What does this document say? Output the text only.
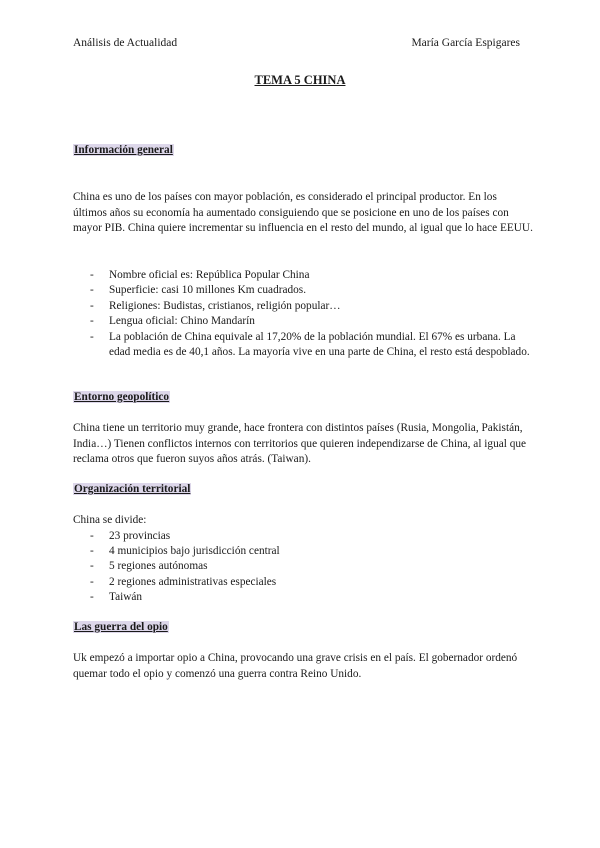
Análisis de Actualidad	María García Espigares
TEMA 5 CHINA
Información general

China es uno de los países con mayor población, es considerado el principal productor. En los últimos años su economía ha aumentado consiguiendo que se posicione en uno de los países con mayor PIB. China quiere incrementar su influencia en el resto del mundo, al igual que lo hace EEUU.

- Nombre oficial es: República Popular China
- Superficie: casi 10 millones Km cuadrados.
- Religiones: Budistas, cristianos, religión popular…
- Lengua oficial: Chino Mandarín
- La población de China equivale al 17,20% de la población mundial. El 67% es urbana. La edad media es de 40,1 años. La mayoría vive en una parte de China, el resto está despoblado.
Entorno geopolítico

China tiene un territorio muy grande, hace frontera con distintos países (Rusia, Mongolia, Pakistán, India…) Tienen conflictos internos con territorios que quieren independizarse de China, al igual que reclama otros que fueron suyos años atrás. (Taiwan).

Organización territorial

China se divide:

- 23 provincias
- 4 municipios bajo jurisdicción central
- 5 regiones autónomas
- 2 regiones administrativas especiales
- Taiwán
Las guerra del opio

Uk empezó a importar opio a China, provocando una grave crisis en el país. El gobernador ordenó quemar todo el opio y comenzó una guerra contra Reino Unido.
